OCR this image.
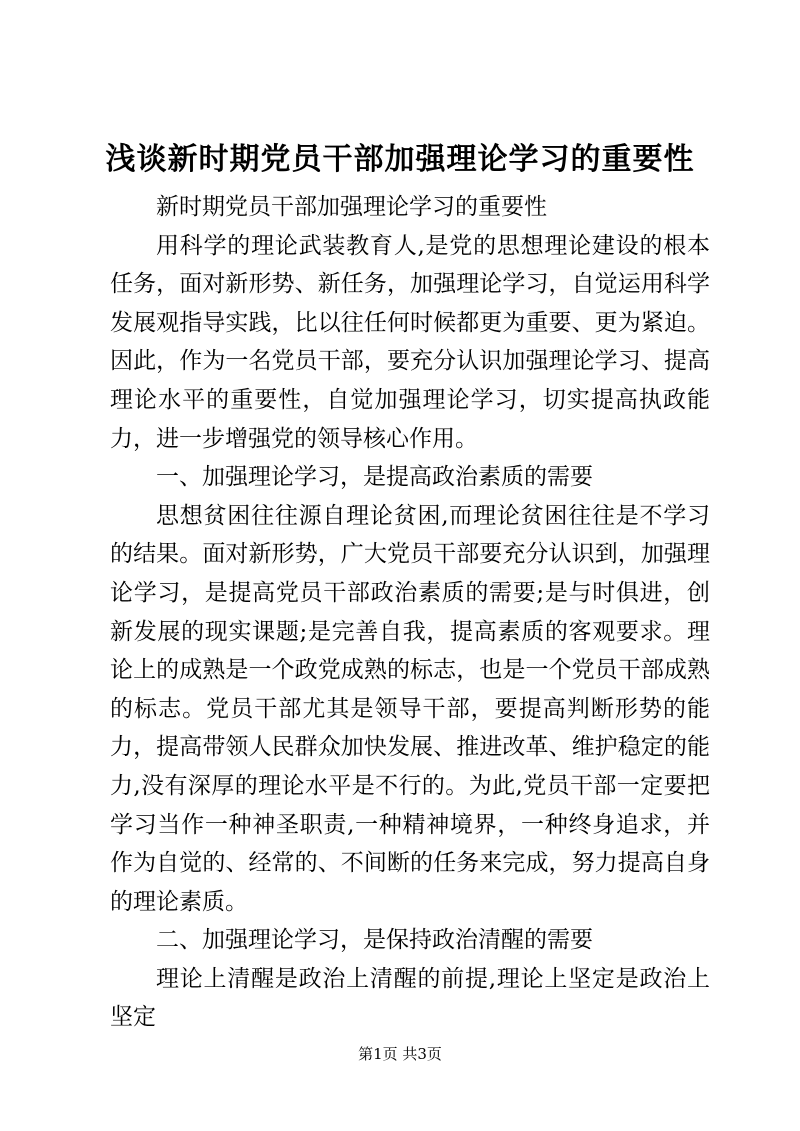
浅谈新时期党员干部加强理论学习的重要性

新时期党员干部加强理论学习的重要性

用科学的理论武装教育人,是党的思想理论建设的根本任务，面对新形势、新任务，加强理论学习，自觉运用科学发展观指导实践，比以往任何时候都更为重要、更为紧迫。因此，作为一名党员干部，要充分认识加强理论学习、提高理论水平的重要性，自觉加强理论学习，切实提高执政能力，进一步增强党的领导核心作用。

一、加强理论学习，是提高政治素质的需要

思想贫困往往源自理论贫困,而理论贫困往往是不学习的结果。面对新形势，广大党员干部要充分认识到，加强理论学习，是提高党员干部政治素质的需要;是与时俱进，创新发展的现实课题;是完善自我，提高素质的客观要求。理论上的成熟是一个政党成熟的标志，也是一个党员干部成熟的标志。党员干部尤其是领导干部，要提高判断形势的能力，提高带领人民群众加快发展、推进改革、维护稳定的能力,没有深厚的理论水平是不行的。为此,党员干部一定要把学习当作一种神圣职责,一种精神境界，一种终身追求，并作为自觉的、经常的、不间断的任务来完成，努力提高自身的理论素质。

二、加强理论学习，是保持政治清醒的需要

理论上清醒是政治上清醒的前提,理论上坚定是政治上坚定

第1页 共3页
